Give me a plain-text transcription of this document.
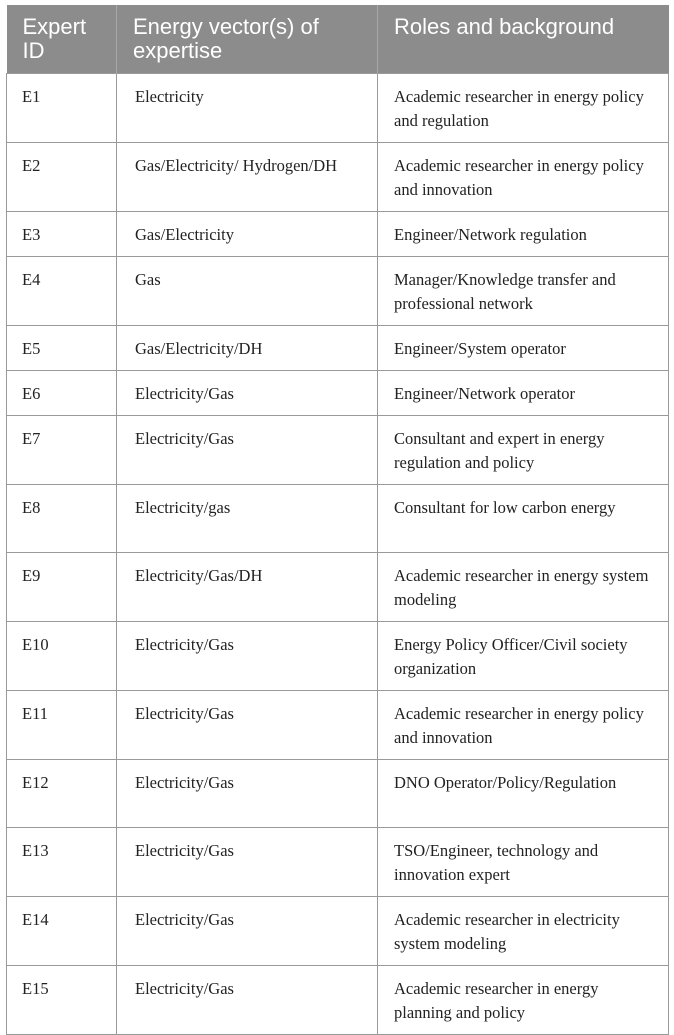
Expert ID	Energy vector(s) of expertise	Roles and background
E1	Electricity	Academic researcher in energy policy and regulation
E2	Gas/Electricity/ Hydrogen/DH	Academic researcher in energy policy and innovation
E3	Gas/Electricity	Engineer/Network regulation
E4	Gas	Manager/Knowledge transfer and professional network
E5	Gas/Electricity/DH	Engineer/System operator
E6	Electricity/Gas	Engineer/Network operator
E7	Electricity/Gas	Consultant and expert in energy regulation and policy
E8	Electricity/gas	Consultant for low carbon energy
E9	Electricity/Gas/DH	Academic researcher in energy system modeling
E10	Electricity/Gas	Energy Policy Officer/Civil society organization
E11	Electricity/Gas	Academic researcher in energy policy and innovation
E12	Electricity/Gas	DNO Operator/Policy/Regulation
E13	Electricity/Gas	TSO/Engineer, technology and innovation expert
E14	Electricity/Gas	Academic researcher in electricity system modeling
E15	Electricity/Gas	Academic researcher in energy planning and policy
